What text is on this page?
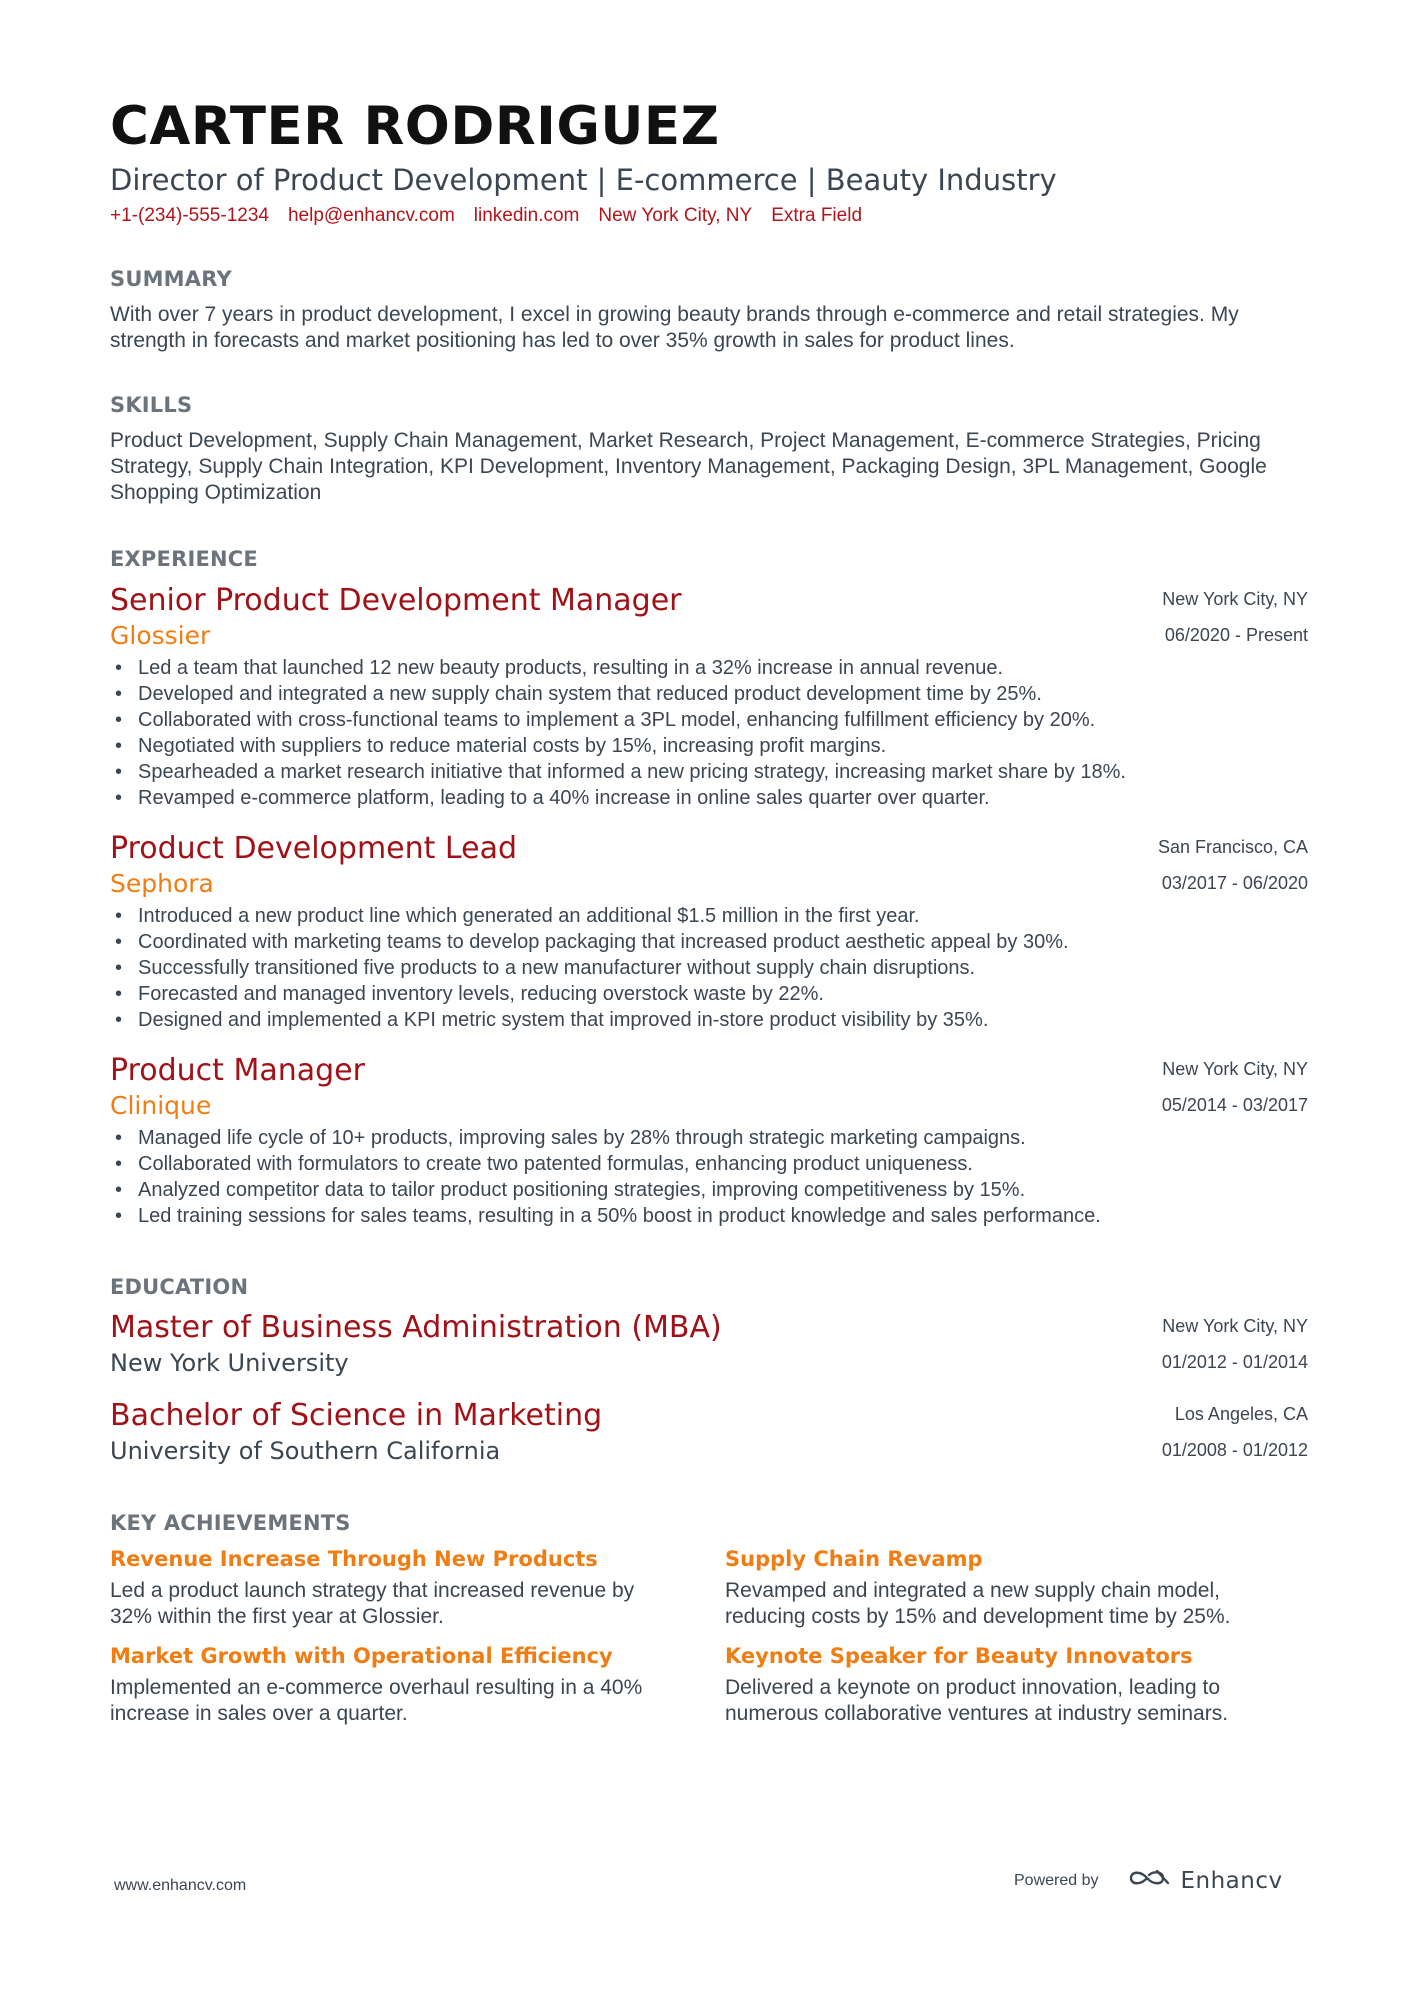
CARTER RODRIGUEZ
Director of Product Development | E-commerce | Beauty Industry
+1-(234)-555-1234 help@enhancv.com linkedin.com New York City, NY Extra Field
SUMMARY
With over 7 years in product development, I excel in growing beauty brands through e-commerce and retail strategies. My strength in forecasts and market positioning has led to over 35% growth in sales for product lines.
SKILLS
Product Development, Supply Chain Management, Market Research, Project Management, E-commerce Strategies, Pricing Strategy, Supply Chain Integration, KPI Development, Inventory Management, Packaging Design, 3PL Management, Google Shopping Optimization
EXPERIENCE
Senior Product Development Manager
Glossier
New York City, NY
06/2020 - Present
• Led a team that launched 12 new beauty products, resulting in a 32% increase in annual revenue.
• Developed and integrated a new supply chain system that reduced product development time by 25%.
• Collaborated with cross-functional teams to implement a 3PL model, enhancing fulfillment efficiency by 20%.
• Negotiated with suppliers to reduce material costs by 15%, increasing profit margins.
• Spearheaded a market research initiative that informed a new pricing strategy, increasing market share by 18%.
• Revamped e-commerce platform, leading to a 40% increase in online sales quarter over quarter.
Product Development Lead
Sephora
San Francisco, CA
03/2017 - 06/2020
• Introduced a new product line which generated an additional $1.5 million in the first year.
• Coordinated with marketing teams to develop packaging that increased product aesthetic appeal by 30%.
• Successfully transitioned five products to a new manufacturer without supply chain disruptions.
• Forecasted and managed inventory levels, reducing overstock waste by 22%.
• Designed and implemented a KPI metric system that improved in-store product visibility by 35%.
Product Manager
Clinique
New York City, NY
05/2014 - 03/2017
• Managed life cycle of 10+ products, improving sales by 28% through strategic marketing campaigns.
• Collaborated with formulators to create two patented formulas, enhancing product uniqueness.
• Analyzed competitor data to tailor product positioning strategies, improving competitiveness by 15%.
• Led training sessions for sales teams, resulting in a 50% boost in product knowledge and sales performance.
EDUCATION
Master of Business Administration (MBA)
New York University
New York City, NY
01/2012 - 01/2014
Bachelor of Science in Marketing
University of Southern California
Los Angeles, CA
01/2008 - 01/2012
KEY ACHIEVEMENTS
Revenue Increase Through New Products
Led a product launch strategy that increased revenue by 32% within the first year at Glossier.
Supply Chain Revamp
Revamped and integrated a new supply chain model, reducing costs by 15% and development time by 25%.
Market Growth with Operational Efficiency
Implemented an e-commerce overhaul resulting in a 40% increase in sales over a quarter.
Keynote Speaker for Beauty Innovators
Delivered a keynote on product innovation, leading to numerous collaborative ventures at industry seminars.
www.enhancv.com	Powered by	Enhancv
